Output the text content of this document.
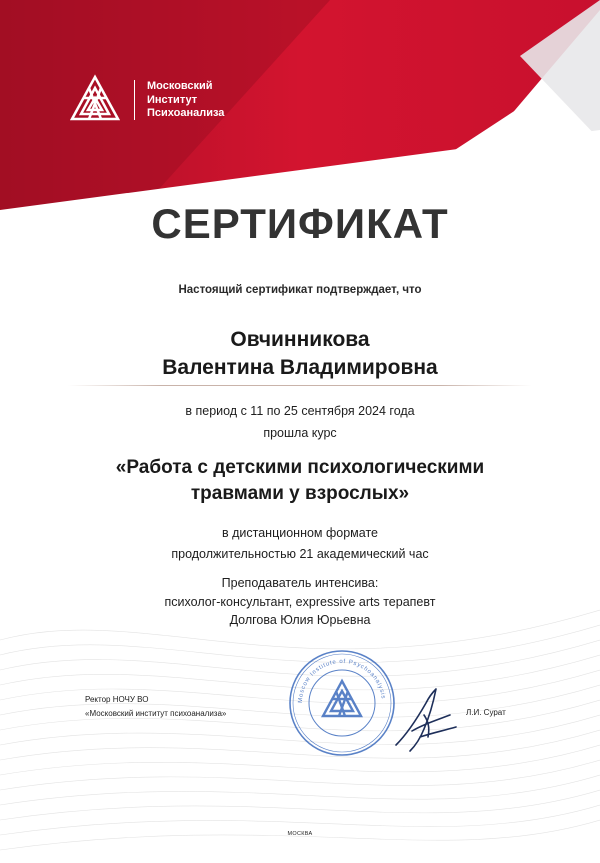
Московский
Институт
Психоанализа
СЕРТИФИКАТ
Настоящий сертификат подтверждает, что
Овчинникова
Валентина Владимировна
в период с 11 по 25 сентября 2024 года
прошла курс
«Работа с детскими психологическими
травмами у взрослых»
в дистанционном формате
продолжительностью 21 академический час
Преподаватель интенсива:
психолог-консультант, expressive arts терапевт
Долгова Юлия Юрьевна
Ректор НОЧУ ВО
«Московский институт психоанализа»
Moscow Institute of Psychoanalysis
Л.И. Сурат
МОСКВА
